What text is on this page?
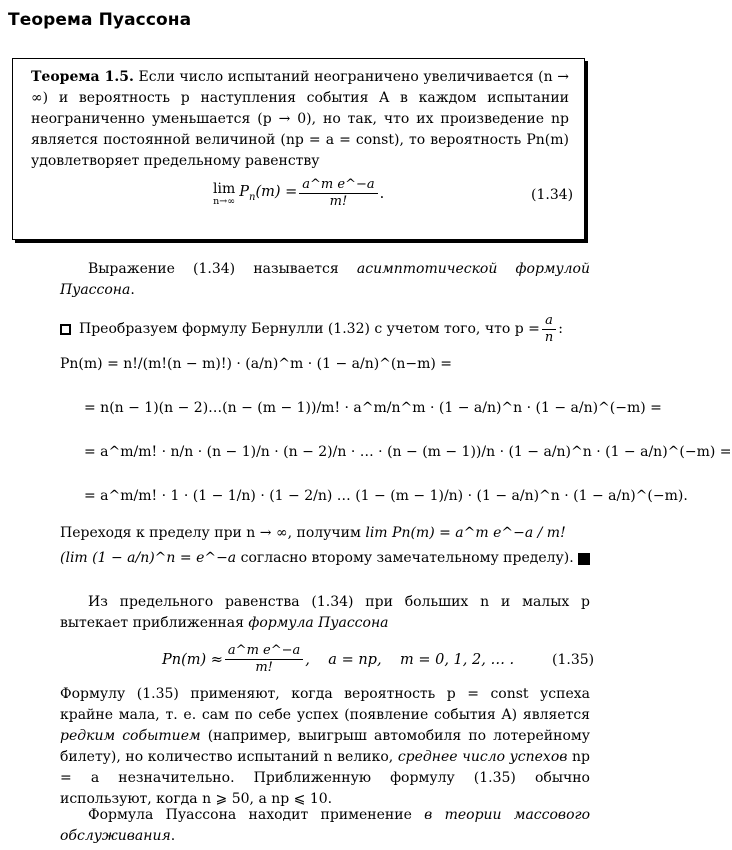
Теорема Пуассона
Теорема 1.5. Если число испытаний неограничено увеличивается (n → ∞) и вероятность p наступления события A в каждом испытании неограниченно уменьшается (p → 0), но так, что их произведение np является постоянной величиной (np = a = const), то вероятность Pn(m) удовлетворяет предельному равенству
lim
n→∞
$P_n(m) = \frac{\text{a\textasciicircum{}m e\textasciicircum{}−a}}{m!}$ .	(1.34)
Выражение (1.34) называется асимптотической формулой Пуассона.
Преобразуем формулу Бернулли (1.32) с учетом того, что $p = \frac{a}{n}$ :
Pn(m) = n!/(m!(n − m)!) · (a/n)^m · (1 − a/n)^(n−m) =
= n(n − 1)(n − 2)…(n − (m − 1))/m! · a^m/n^m · (1 − a/n)^n · (1 − a/n)^(−m) =
= a^m/m! · n/n · (n − 1)/n · (n − 2)/n · … · (n − (m − 1))/n · (1 − a/n)^n · (1 − a/n)^(−m) =
= a^m/m! · 1 · (1 − 1/n) · (1 − 2/n) … (1 − (m − 1)/n) · (1 − a/n)^n · (1 − a/n)^(−m).
Переходя к пределу при n → ∞, получим
lim Pn(m) = a^m e^−a / m!
(lim (1 − a/n)^n = e^−a
согласно второму замечательному пределу).
Из предельного равенства (1.34) при больших n и малых p вытекает приближенная формула Пуассона
$Pn(m) \approx \frac{\text{a\textasciicircum{}m e\textasciicircum{}−a}}{m!}$ ,    a = np,    m = 0, 1, 2, … .	(1.35)
Формулу (1.35) применяют, когда вероятность p = const успеха крайне мала, т. е. сам по себе успех (появление события A) является редким событием (например, выигрыш автомобиля по лотерейному билету), но количество испытаний n велико, среднее число успехов np = a незначительно. Приближенную формулу (1.35) обычно используют, когда n ⩾ 50, а np ⩽ 10.
Формула Пуассона находит применение в теории массового обслуживания.
